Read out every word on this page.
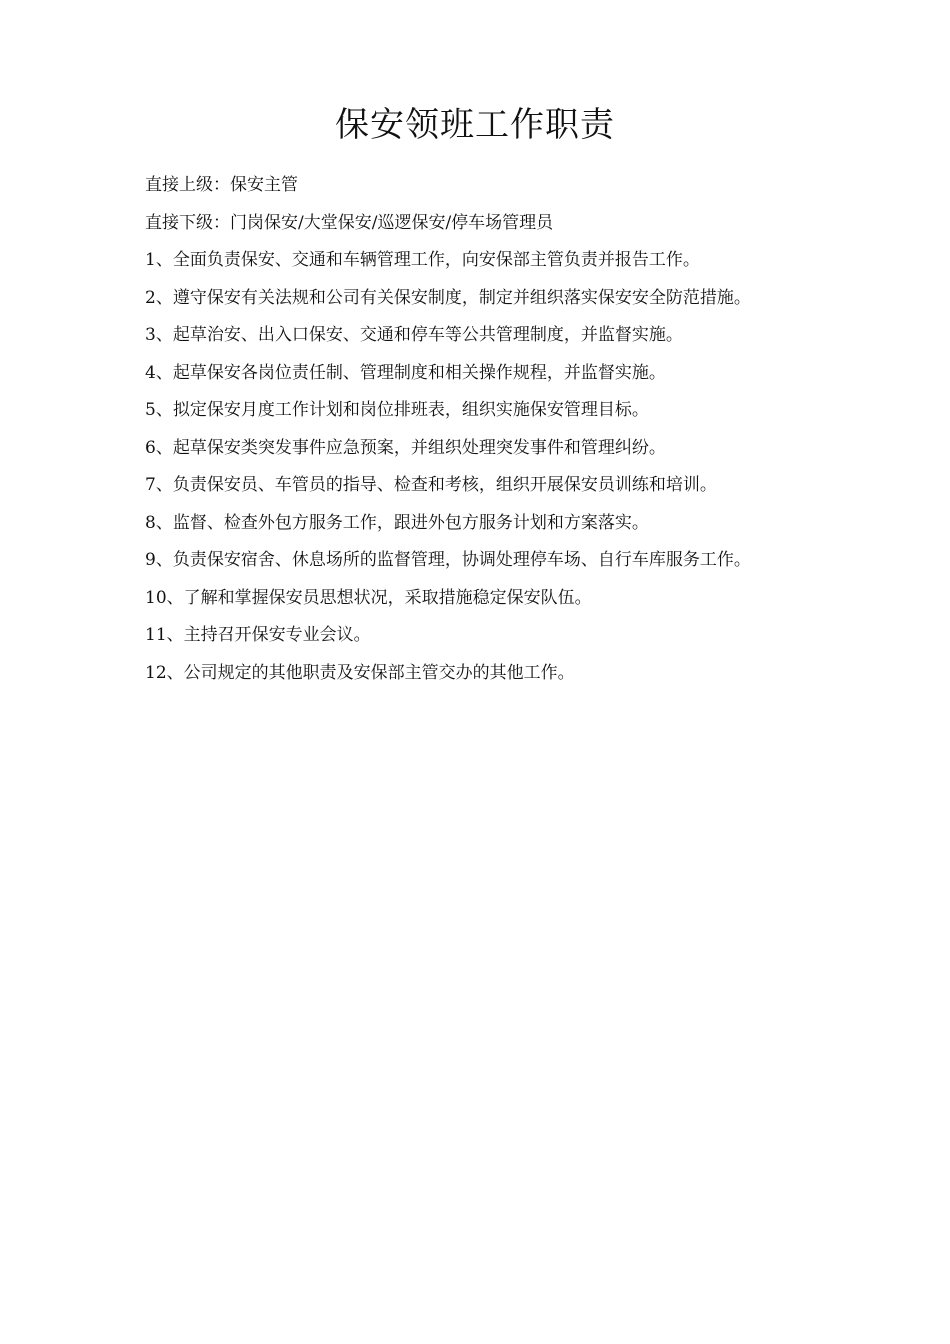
保安领班工作职责

直接上级：保安主管

直接下级：门岗保安/大堂保安/巡逻保安/停车场管理员

1、全面负责保安、交通和车辆管理工作，向安保部主管负责并报告工作。

2、遵守保安有关法规和公司有关保安制度，制定并组织落实保安安全防范措施。

3、起草治安、出入口保安、交通和停车等公共管理制度，并监督实施。

4、起草保安各岗位责任制、管理制度和相关操作规程，并监督实施。

5、拟定保安月度工作计划和岗位排班表，组织实施保安管理目标。

6、起草保安类突发事件应急预案，并组织处理突发事件和管理纠纷。

7、负责保安员、车管员的指导、检查和考核，组织开展保安员训练和培训。

8、监督、检查外包方服务工作，跟进外包方服务计划和方案落实。

9、负责保安宿舍、休息场所的监督管理，协调处理停车场、自行车库服务工作。

10、了解和掌握保安员思想状况，采取措施稳定保安队伍。

11、主持召开保安专业会议。

12、公司规定的其他职责及安保部主管交办的其他工作。
